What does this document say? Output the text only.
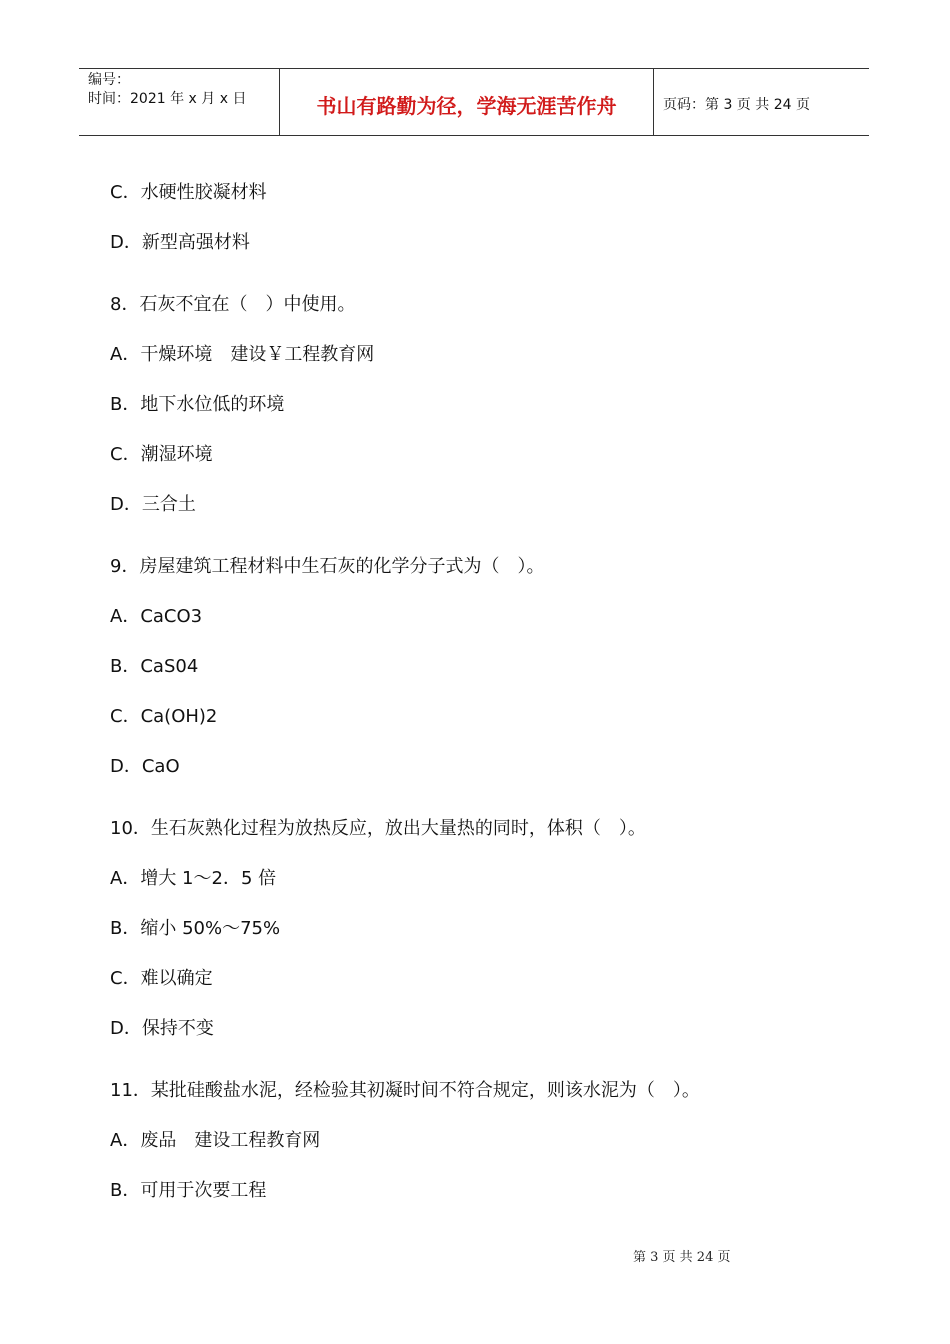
编号：
时间：2021 年 x 月 x 日	书山有路勤为径，学海无涯苦作舟	页码：第 3 页 共 24 页
C．水硬性胶凝材料
D．新型高强材料
8．石灰不宜在（　）中使用。
A．干燥环境　建设￥工程教育网
B．地下水位低的环境
C．潮湿环境
D．三合土
9．房屋建筑工程材料中生石灰的化学分子式为（　）。
A．CaCO3
B．CaS04
C．Ca(OH)2
D．CaO
10．生石灰熟化过程为放热反应，放出大量热的同时，体积（　）。
A．增大 1～2．5 倍
B．缩小 50%～75%
C．难以确定
D．保持不变
11．某批硅酸盐水泥，经检验其初凝时间不符合规定，则该水泥为（　）。
A．废品　建设工程教育网
B．可用于次要工程
第 3 页 共 24 页
